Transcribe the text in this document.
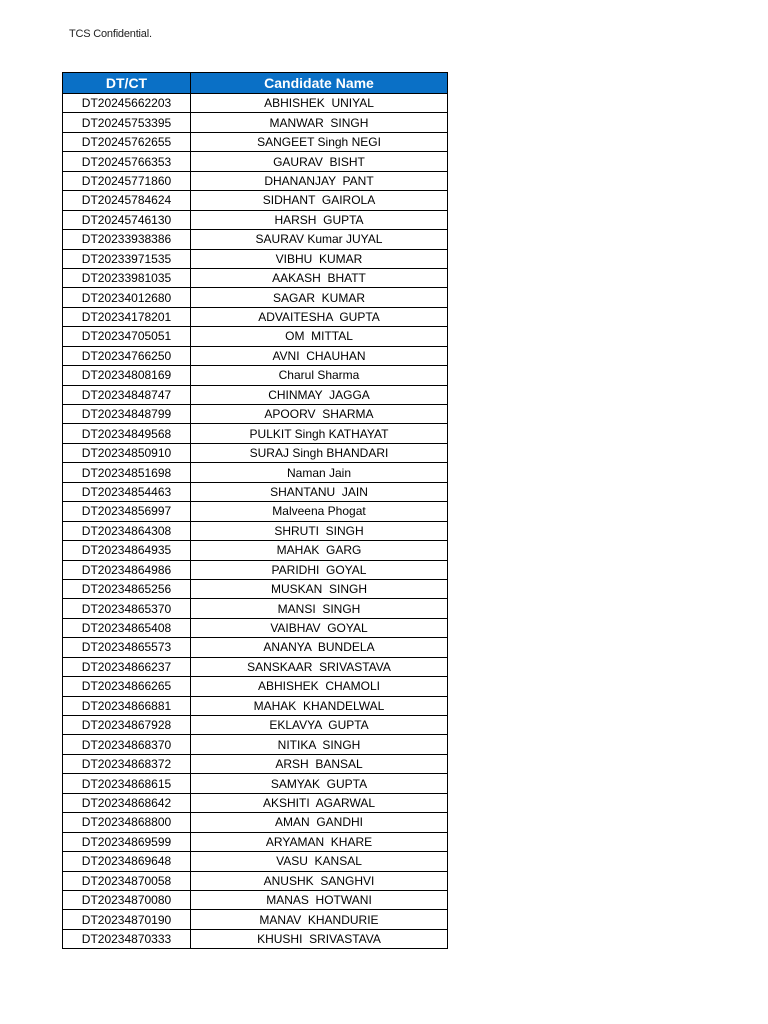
TCS Confidential.
DT/CT	Candidate Name
DT20245662203	ABHISHEK  UNIYAL
DT20245753395	MANWAR  SINGH
DT20245762655	SANGEET Singh NEGI
DT20245766353	GAURAV  BISHT
DT20245771860	DHANANJAY  PANT
DT20245784624	SIDHANT  GAIROLA
DT20245746130	HARSH  GUPTA
DT20233938386	SAURAV Kumar JUYAL
DT20233971535	VIBHU  KUMAR
DT20233981035	AAKASH  BHATT
DT20234012680	SAGAR  KUMAR
DT20234178201	ADVAITESHA  GUPTA
DT20234705051	OM  MITTAL
DT20234766250	AVNI  CHAUHAN
DT20234808169	Charul Sharma
DT20234848747	CHINMAY  JAGGA
DT20234848799	APOORV  SHARMA
DT20234849568	PULKIT Singh KATHAYAT
DT20234850910	SURAJ Singh BHANDARI
DT20234851698	Naman Jain
DT20234854463	SHANTANU  JAIN
DT20234856997	Malveena Phogat
DT20234864308	SHRUTI  SINGH
DT20234864935	MAHAK  GARG
DT20234864986	PARIDHI  GOYAL
DT20234865256	MUSKAN  SINGH
DT20234865370	MANSI  SINGH
DT20234865408	VAIBHAV  GOYAL
DT20234865573	ANANYA  BUNDELA
DT20234866237	SANSKAAR  SRIVASTAVA
DT20234866265	ABHISHEK  CHAMOLI
DT20234866881	MAHAK  KHANDELWAL
DT20234867928	EKLAVYA  GUPTA
DT20234868370	NITIKA  SINGH
DT20234868372	ARSH  BANSAL
DT20234868615	SAMYAK  GUPTA
DT20234868642	AKSHITI  AGARWAL
DT20234868800	AMAN  GANDHI
DT20234869599	ARYAMAN  KHARE
DT20234869648	VASU  KANSAL
DT20234870058	ANUSHK  SANGHVI
DT20234870080	MANAS  HOTWANI
DT20234870190	MANAV  KHANDURIE
DT20234870333	KHUSHI  SRIVASTAVA
